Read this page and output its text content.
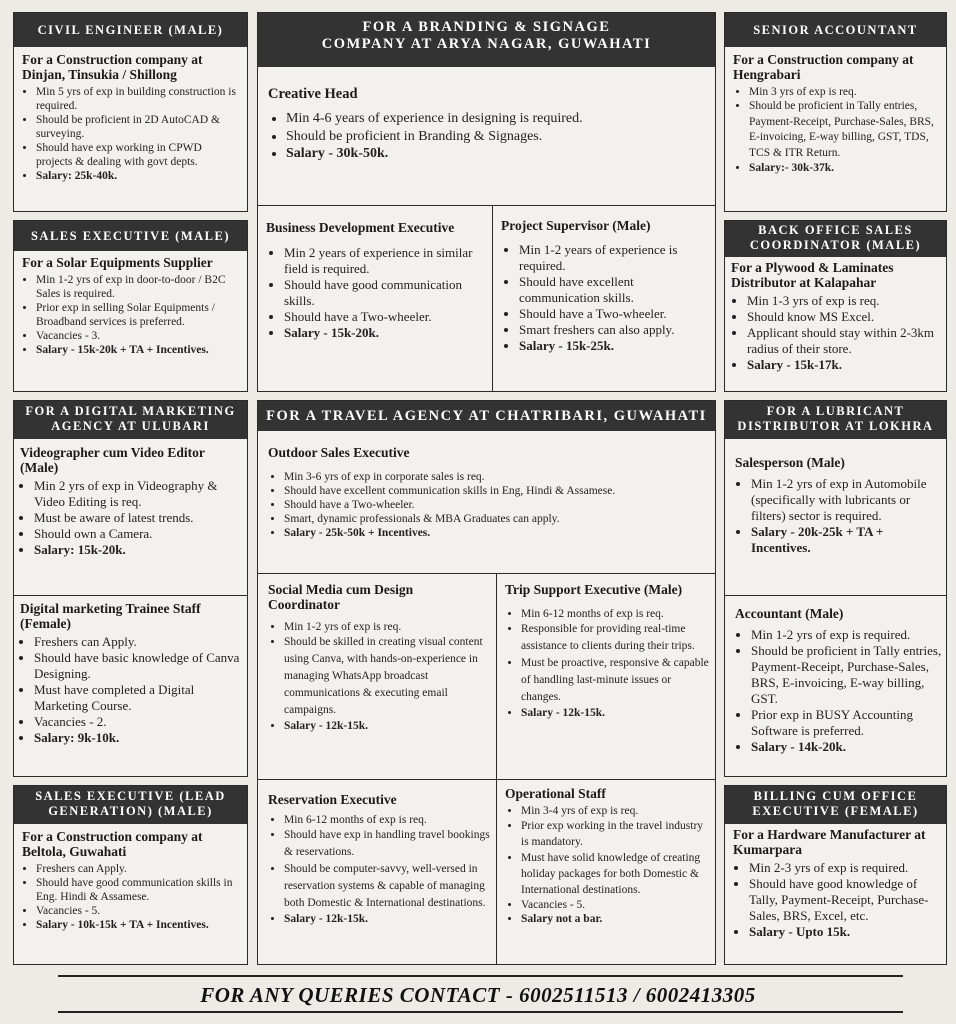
CIVIL ENGINEER (MALE)
For a Construction company at Dinjan, Tinsukia / Shillong
• Min 5 yrs of exp in building construction is required.
• Should be proficient in 2D AutoCAD & surveying.
• Should have exp working in CPWD projects & dealing with govt depts.
• Salary: 25k-40k.
SALES EXECUTIVE (MALE)
For a Solar Equipments Supplier
• Min 1-2 yrs of exp in door-to-door / B2C Sales is required.
• Prior exp in selling Solar Equipments / Broadband services is preferred.
• Vacancies - 3.
• Salary - 15k-20k + TA + Incentives.
FOR A DIGITAL MARKETING AGENCY AT ULUBARI
Videographer cum Video Editor (Male)
• Min 2 yrs of exp in Videography & Video Editing is req.
• Must be aware of latest trends.
• Should own a Camera.
• Salary: 15k-20k.
Digital marketing Trainee Staff (Female)
• Freshers can Apply.
• Should have basic knowledge of Canva Designing.
• Must have completed a Digital Marketing Course.
• Vacancies - 2.
• Salary: 9k-10k.
SALES EXECUTIVE (LEAD GENERATION) (MALE)
For a Construction company at Beltola, Guwahati
• Freshers can Apply.
• Should have good communication skills in Eng. Hindi & Assamese.
• Vacancies - 5.
• Salary - 10k-15k + TA + Incentives.
FOR A BRANDING & SIGNAGE COMPANY AT ARYA NAGAR, GUWAHATI
Creative Head
• Min 4-6 years of experience in designing is required.
• Should be proficient in Branding & Signages.
• Salary - 30k-50k.
Business Development Executive
• Min 2 years of experience in similar field is required.
• Should have good communication skills.
• Should have a Two-wheeler.
• Salary - 15k-20k.
Project Supervisor (Male)
• Min 1-2 years of experience is required.
• Should have excellent communication skills.
• Should have a Two-wheeler.
• Smart freshers can also apply.
• Salary - 15k-25k.
FOR A TRAVEL AGENCY AT CHATRIBARI, GUWAHATI
Outdoor Sales Executive
• Min 3-6 yrs of exp in corporate sales is req.
• Should have excellent communication skills in Eng, Hindi & Assamese.
• Should have a Two-wheeler.
• Smart, dynamic professionals & MBA Graduates can apply.
• Salary - 25k-50k + Incentives.
Social Media cum Design Coordinator
• Min 1-2 yrs of exp is req.
• Should be skilled in creating visual content using Canva, with hands-on-experience in managing WhatsApp broadcast communications & executing email campaigns.
• Salary - 12k-15k.
Trip Support Executive (Male)
• Min 6-12 months of exp is req.
• Responsible for providing real-time assistance to clients during their trips.
• Must be proactive, responsive & capable of handling last-minute issues or changes.
• Salary - 12k-15k.
Reservation Executive
• Min 6-12 months of exp is req.
• Should have exp in handling travel bookings & reservations.
• Should be computer-savvy, well-versed in reservation systems & capable of managing both Domestic & International destinations.
• Salary - 12k-15k.
Operational Staff
• Min 3-4 yrs of exp is req.
• Prior exp working in the travel industry is mandatory.
• Must have solid knowledge of creating holiday packages for both Domestic & International destinations.
• Vacancies - 5.
• Salary not a bar.
SENIOR ACCOUNTANT
For a Construction company at Hengrabari
• Min 3 yrs of exp is req.
• Should be proficient in Tally entries, Payment-Receipt, Purchase-Sales, BRS, E-invoicing, E-way billing, GST, TDS, TCS & ITR Return.
• Salary:- 30k-37k.
BACK OFFICE SALES COORDINATOR (MALE)
For a Plywood & Laminates Distributor at Kalapahar
• Min 1-3 yrs of exp is req.
• Should know MS Excel.
• Applicant should stay within 2-3km radius of their store.
• Salary - 15k-17k.
FOR A LUBRICANT DISTRIBUTOR AT LOKHRA
Salesperson (Male)
• Min 1-2 yrs of exp in Automobile (specifically with lubricants or filters) sector is required.
• Salary - 20k-25k + TA + Incentives.
Accountant (Male)
• Min 1-2 yrs of exp is required.
• Should be proficient in Tally entries, Payment-Receipt, Purchase-Sales, BRS, E-invoicing, E-way billing, GST.
• Prior exp in BUSY Accounting Software is preferred.
• Salary - 14k-20k.
BILLING CUM OFFICE EXECUTIVE (FEMALE)
For a Hardware Manufacturer at Kumarpara
• Min 2-3 yrs of exp is required.
• Should have good knowledge of Tally, Payment-Receipt, Purchase-Sales, BRS, Excel, etc.
• Salary - Upto 15k.
FOR ANY QUERIES CONTACT - 6002511513 / 6002413305
